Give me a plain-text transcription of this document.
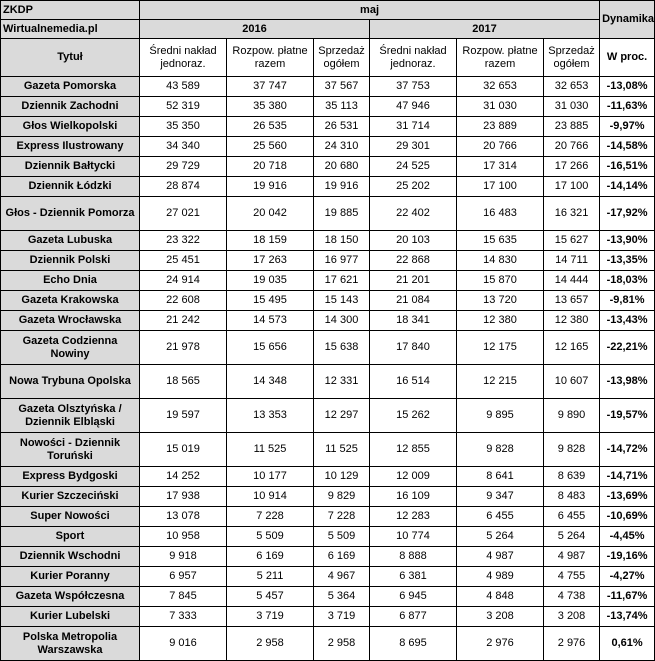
ZKDP	maj						Dynamika
Wirtualnemedia.pl	2016			2017			
Tytuł	Średni nakład jednoraz.	Rozpow. płatne razem	Sprzedaż ogółem	Średni nakład jednoraz.	Rozpow. płatne razem	Sprzedaż ogółem	W proc.
Gazeta Pomorska	43 589	37 747	37 567	37 753	32 653	32 653	-13,08%
Dziennik Zachodni	52 319	35 380	35 113	47 946	31 030	31 030	-11,63%
Głos Wielkopolski	35 350	26 535	26 531	31 714	23 889	23 885	-9,97%
Express Ilustrowany	34 340	25 560	24 310	29 301	20 766	20 766	-14,58%
Dziennik Bałtycki	29 729	20 718	20 680	24 525	17 314	17 266	-16,51%
Dziennik Łódzki	28 874	19 916	19 916	25 202	17 100	17 100	-14,14%
Głos - Dziennik Pomorza	27 021	20 042	19 885	22 402	16 483	16 321	-17,92%
Gazeta Lubuska	23 322	18 159	18 150	20 103	15 635	15 627	-13,90%
Dziennik Polski	25 451	17 263	16 977	22 868	14 830	14 711	-13,35%
Echo Dnia	24 914	19 035	17 621	21 201	15 870	14 444	-18,03%
Gazeta Krakowska	22 608	15 495	15 143	21 084	13 720	13 657	-9,81%
Gazeta Wrocławska	21 242	14 573	14 300	18 341	12 380	12 380	-13,43%
Gazeta Codzienna Nowiny	21 978	15 656	15 638	17 840	12 175	12 165	-22,21%
Nowa Trybuna Opolska	18 565	14 348	12 331	16 514	12 215	10 607	-13,98%
Gazeta Olsztyńska / Dziennik Elbląski	19 597	13 353	12 297	15 262	9 895	9 890	-19,57%
Nowości - Dziennik Toruński	15 019	11 525	11 525	12 855	9 828	9 828	-14,72%
Express Bydgoski	14 252	10 177	10 129	12 009	8 641	8 639	-14,71%
Kurier Szczeciński	17 938	10 914	9 829	16 109	9 347	8 483	-13,69%
Super Nowości	13 078	7 228	7 228	12 283	6 455	6 455	-10,69%
Sport	10 958	5 509	5 509	10 774	5 264	5 264	-4,45%
Dziennik Wschodni	9 918	6 169	6 169	8 888	4 987	4 987	-19,16%
Kurier Poranny	6 957	5 211	4 967	6 381	4 989	4 755	-4,27%
Gazeta Współczesna	7 845	5 457	5 364	6 945	4 848	4 738	-11,67%
Kurier Lubelski	7 333	3 719	3 719	6 877	3 208	3 208	-13,74%
Polska Metropolia Warszawska	9 016	2 958	2 958	8 695	2 976	2 976	0,61%
